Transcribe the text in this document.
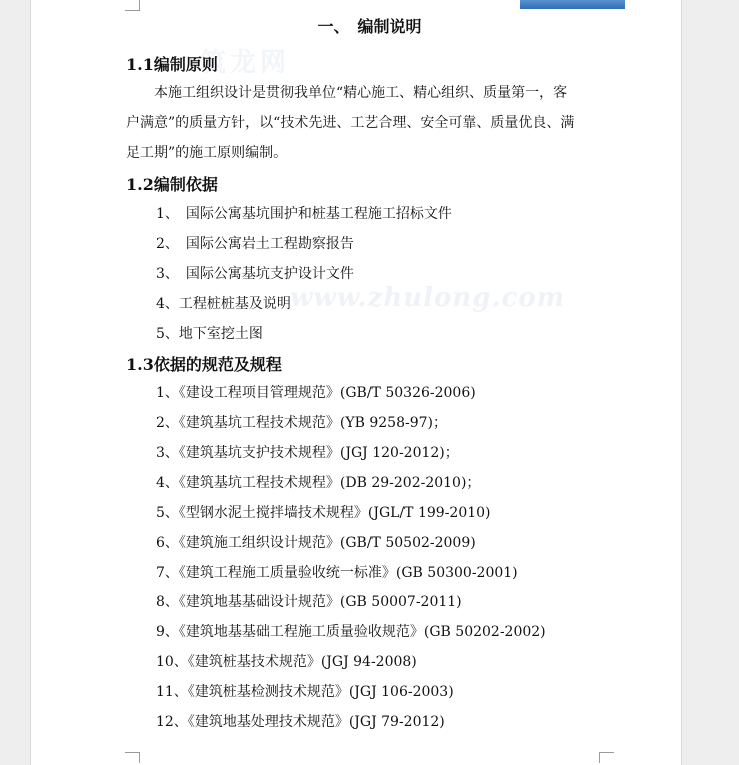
筑龙网
www.zhulong.com
一、　编制说明
1.1编制原则
本施工组织设计是贯彻我单位“精心施工、精心组织、质量第一，客户满意”的质量方针，以“技术先进、工艺合理、安全可靠、质量优良、满足工期”的施工原则编制。
1.2编制依据
1、　国际公寓基坑围护和桩基工程施工招标文件
2、　国际公寓岩土工程勘察报告
3、　国际公寓基坑支护设计文件
4、工程桩桩基及说明
5、地下室挖土图
1.3依据的规范及规程
1、《建设工程项目管理规范》(GB/T 50326-2006)
2、《建筑基坑工程技术规范》(YB 9258-97)；
3、《建筑基坑支护技术规程》(JGJ 120-2012)；
4、《建筑基坑工程技术规程》(DB 29-202-2010)；
5、《型钢水泥土搅拌墙技术规程》(JGL/T 199-2010)
6、《建筑施工组织设计规范》(GB/T 50502-2009)
7、《建筑工程施工质量验收统一标准》(GB 50300-2001)
8、《建筑地基基础设计规范》(GB 50007-2011)
9、《建筑地基基础工程施工质量验收规范》(GB 50202-2002)
10、《建筑桩基技术规范》(JGJ 94-2008)
11、《建筑桩基检测技术规范》(JGJ 106-2003)
12、《建筑地基处理技术规范》(JGJ 79-2012)
